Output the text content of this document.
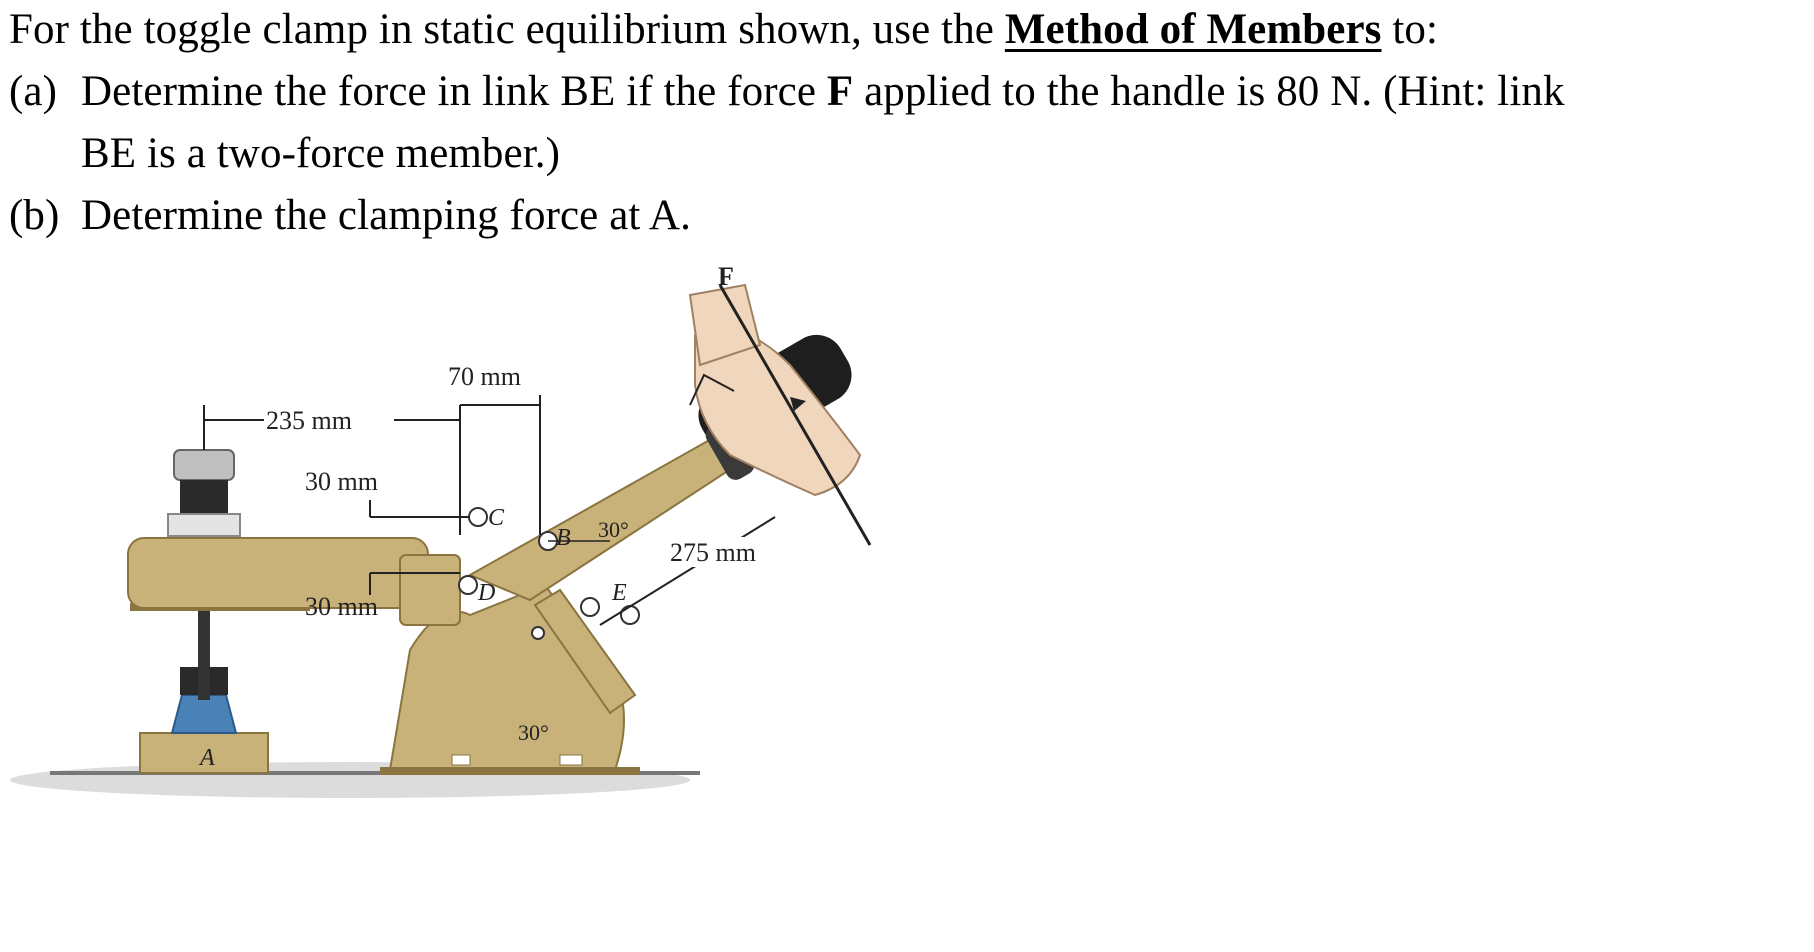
For the toggle clamp in static equilibrium shown, use the Method of Members to:
(a) Determine the force in link BE if the force F applied to the handle is 80 N. (Hint: link
BE is a two-force member.)
(b) Determine the clamping force at A.
A
C
B
D	E
F
235 mm
70 mm
30 mm
30 mm
275 mm
30°
30°
